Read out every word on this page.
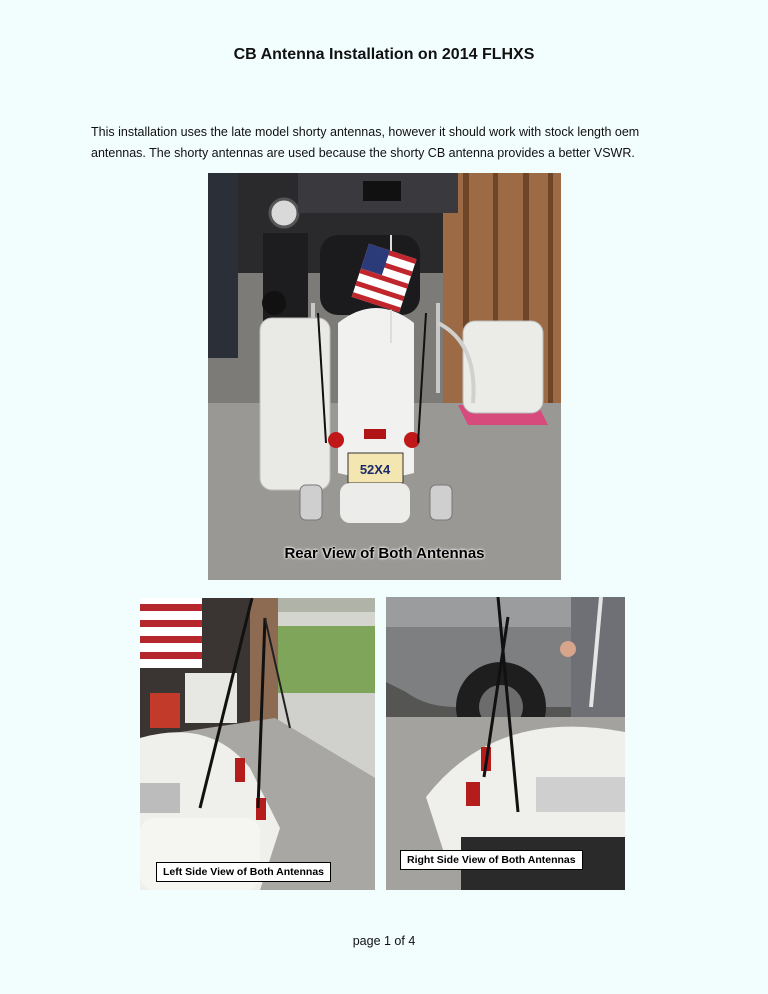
CB Antenna Installation on 2014 FLHXS
This installation uses the late model shorty antennas, however it should work with stock length oem
antennas. The shorty antennas are used because the shorty CB antenna provides a better VSWR.
52X4
Rear View of Both Antennas
Left Side View of Both Antennas
Right Side View of Both Antennas
page 1 of 4
